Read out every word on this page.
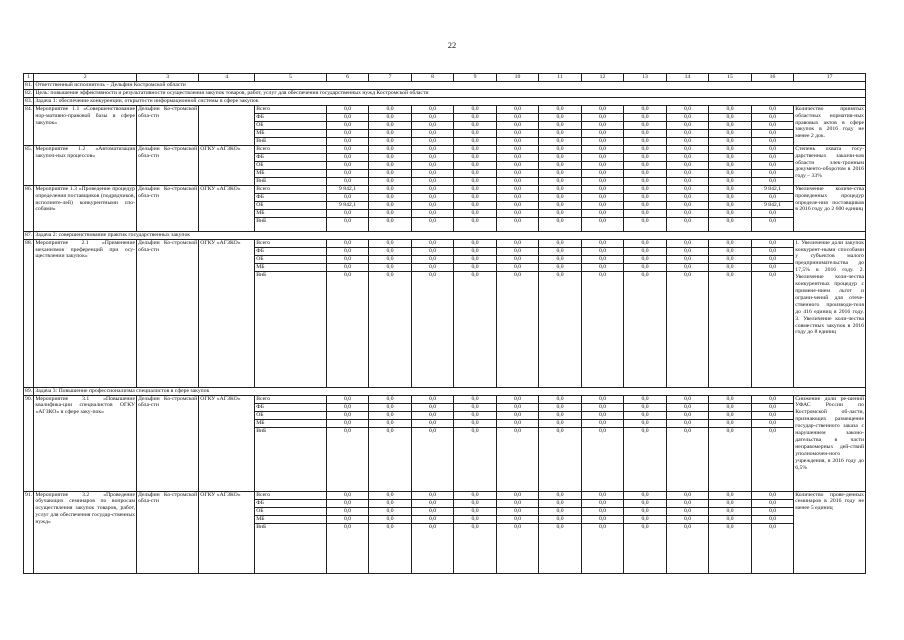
22
1	2	3	4	5	6	7	8	9	10	11	12	13	14	15	16	17
81.	Ответственный исполнитель – Дельфин Костромской области															
82.	Цель: повышение эффективности и результативности осуществления закупок товаров, работ, услуг для обеспечения государственных нужд Костромской области															
83.	Задача 1: обеспечение конкуренции, открытости информационной системы в сфере закупок															
84.	Мероприятие 1.1 «Совершенствование нор-мативно-правовой базы в сфере закупок»	Дельфин Ко-стромской обла-сти		Всего	0,0	0,0	0,0	0,0	0,0	0,0	0,0	0,0	0,0	0,0	0,0	Количество принятых областных норматив-ных правовых актов в сфере закупок в 2016 году не менее 2 док.
				ФБ	0,0	0,0	0,0	0,0	0,0	0,0	0,0	0,0	0,0	0,0	0,0	
				ОБ	0,0	0,0	0,0	0,0	0,0	0,0	0,0	0,0	0,0	0,0	0,0	
				МБ	0,0	0,0	0,0	0,0	0,0	0,0	0,0	0,0	0,0	0,0	0,0	
				ВнБ	0,0	0,0	0,0	0,0	0,0	0,0	0,0	0,0	0,0	0,0	0,0	
85.	Мероприятие 1.2 «Автоматизация закупоч-ных процессов»	Дельфин Ко-стромской обла-сти	ОГКУ «АГЗКО»	Всего	0,0	0,0	0,0	0,0	0,0	0,0	0,0	0,0	0,0	0,0	0,0	Степень охвата госу-дарственных заказчи-ков области элек-тронным документо-оборотом в 2016 году – 33%
				ФБ	0,0	0,0	0,0	0,0	0,0	0,0	0,0	0,0	0,0	0,0	0,0	
				ОБ	0,0	0,0	0,0	0,0	0,0	0,0	0,0	0,0	0,0	0,0	0,0	
				МБ	0,0	0,0	0,0	0,0	0,0	0,0	0,0	0,0	0,0	0,0	0,0	
				ВнБ	0,0	0,0	0,0	0,0	0,0	0,0	0,0	0,0	0,0	0,0	0,0	
86.	Мероприятие 1.3 «Проведение процедур определения поставщиков (подрядчиков, исполните-лей) конкурентными спо-собами»	Дельфин Ко-стромской обла-сти	ОГКУ «АГЗКО»	Всего	9 842,1	0,0	0,0	0,0	0,0	0,0	0,0	0,0	0,0	0,0	9 842,1	Увеличение количе-ства проведенных процедур определе-ния поставщиков в 2016 году до 2 600 единиц
				ФБ	0,0	0,0	0,0	0,0	0,0	0,0	0,0	0,0	0,0	0,0	0,0	
				ОБ	9 842,1	0,0	0,0	0,0	0,0	0,0	0,0	0,0	0,0	0,0	9 842,1	
				МБ	0,0	0,0	0,0	0,0	0,0	0,0	0,0	0,0	0,0	0,0	0,0	
				ВнБ	0,0	0,0	0,0	0,0	0,0	0,0	0,0	0,0	0,0	0,0	0,0	
87.	Задача 2: совершенствование практик государственных закупок															
88.	Мероприятие 2.1 «Применение механизмов преференций при осу-ществлении закупок»	Дельфин Ко-стромской обла-сти	ОГКУ «АГЗКО»	Всего	0,0	0,0	0,0	0,0	0,0	0,0	0,0	0,0	0,0	0,0	0,0	1. Увеличение доли закупок конкурент-ными способами у субъектов малого предпринимательства до 17,5% в 2016 году. 2. Увеличение коли-чества конкурентных процедур с примене-нием льгот и ограни-чений для отече-ственного производи-теля до 416 единиц в 2016 году. 3. Увеличение коли-чества совместных закупок в 2016 году до 8 единиц
				ФБ	0,0	0,0	0,0	0,0	0,0	0,0	0,0	0,0	0,0	0,0	0,0	
				ОБ	0,0	0,0	0,0	0,0	0,0	0,0	0,0	0,0	0,0	0,0	0,0	
				МБ	0,0	0,0	0,0	0,0	0,0	0,0	0,0	0,0	0,0	0,0	0,0	
				ВнБ	0,0	0,0	0,0	0,0	0,0	0,0	0,0	0,0	0,0	0,0	0,0	
89.	Задача 3: Повышение профессионализма специалистов в сфере закупок															
90.	Мероприятие 3.1 «Повышение квалифика-ции специалистов ОГКУ «АГЗКО» в сфере заку-пок»	Дельфин Ко-стромской обла-сти	ОГКУ «АГЗКО»	Всего	0,0	0,0	0,0	0,0	0,0	0,0	0,0	0,0	0,0	0,0	0,0	Снижение доли ре-шений УФАС России по Костромской об-ласти, признающих размещение государ-ственного заказа с нарушением законо-дательства в части неправомерных дей-ствий уполномочен-ного учреждения, в 2016 году до 6,5%
				ФБ	0,0	0,0	0,0	0,0	0,0	0,0	0,0	0,0	0,0	0,0	0,0	
				ОБ	0,0	0,0	0,0	0,0	0,0	0,0	0,0	0,0	0,0	0,0	0,0	
				МБ	0,0	0,0	0,0	0,0	0,0	0,0	0,0	0,0	0,0	0,0	0,0	
				ВнБ	0,0	0,0	0,0	0,0	0,0	0,0	0,0	0,0	0,0	0,0	0,0	
91.	Мероприятие 3.2 «Проведение обучающих семинаров по вопросам осуществления закупок товаров, работ, услуг для обеспечения государ-ственных нужд»	Дельфин Ко-стромской обла-сти	ОГКУ «АГЗКО»	Всего	0,0	0,0	0,0	0,0	0,0	0,0	0,0	0,0	0,0	0,0	0,0	Количество прове-денных семинаров в 2016 году не менее 5 единиц
				ФБ	0,0	0,0	0,0	0,0	0,0	0,0	0,0	0,0	0,0	0,0	0,0	
				ОБ	0,0	0,0	0,0	0,0	0,0	0,0	0,0	0,0	0,0	0,0	0,0	
				МБ	0,0	0,0	0,0	0,0	0,0	0,0	0,0	0,0	0,0	0,0	0,0	
				ВнБ	0,0	0,0	0,0	0,0	0,0	0,0	0,0	0,0	0,0	0,0	0,0	
